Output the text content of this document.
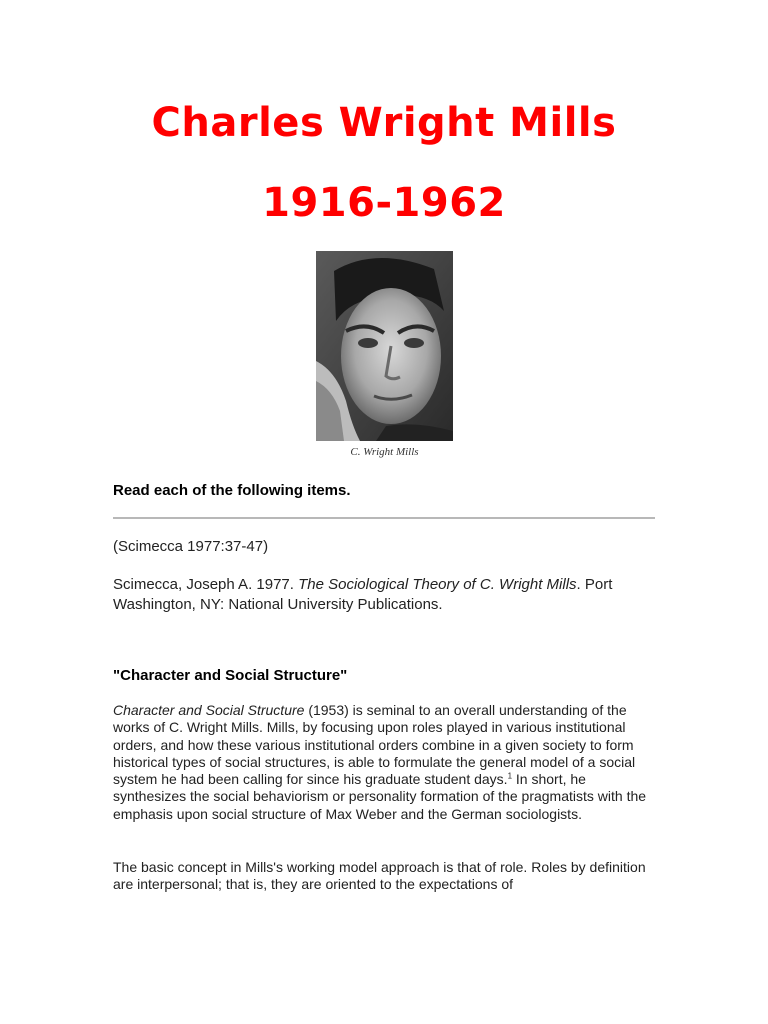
Charles Wright Mills
1916-1962
C. Wright Mills
Read each of the following items.
(Scimecca 1977:37-47)
Scimecca, Joseph A. 1977. The Sociological Theory of C. Wright Mills. Port Washington, NY: National University Publications.
"Character and Social Structure"
Character and Social Structure (1953) is seminal to an overall understanding of the works of C. Wright Mills. Mills, by focusing upon roles played in various institutional orders, and how these various institutional orders combine in a given society to form historical types of social structures, is able to formulate the general model of a social system he had been calling for since his graduate student days.$^1$ In short, he synthesizes the social behaviorism or personality formation of the pragmatists with the emphasis upon social structure of Max Weber and the German sociologists.
The basic concept in Mills's working model approach is that of role. Roles by definition are interpersonal; that is, they are oriented to the expectations of
